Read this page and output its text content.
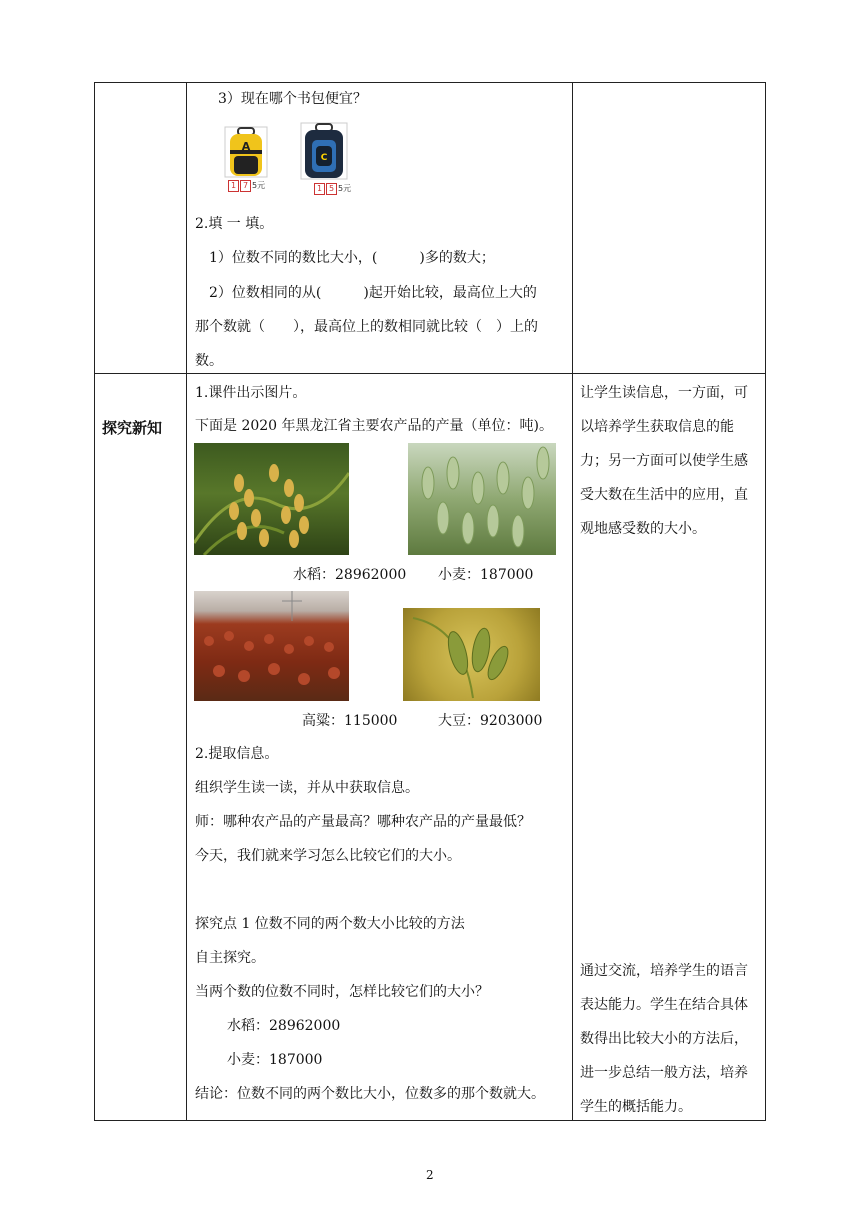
3）现在哪个书包便宜？
A
1 7 5元
C
1 5 5元
2.填 一 填。
1）位数不同的数比大小，(　　　)多的数大；
2）位数相同的从(　　　)起开始比较，最高位上大的
那个数就（　　），最高位上的数相同就比较（　）上的
数。
探究新知
1.课件出示图片。
下面是 2020 年黑龙江省主要农产品的产量（单位：吨)。
水稻：28962000 小麦：187000
高粱：115000	大豆：9203000
2.提取信息。
组织学生读一读，并从中获取信息。
师：哪种农产品的产量最高？哪种农产品的产量最低？
今天，我们就来学习怎么比较它们的大小。
探究点 1 位数不同的两个数大小比较的方法
自主探究。
当两个数的位数不同时，怎样比较它们的大小？
水稻：28962000
小麦：187000
结论：位数不同的两个数比大小，位数多的那个数就大。
让学生读信息，一方面，可
以培养学生获取信息的能
力；另一方面可以使学生感
受大数在生活中的应用，直
观地感受数的大小。
通过交流，培养学生的语言
表达能力。学生在结合具体
数得出比较大小的方法后，
进一步总结一般方法，培养
学生的概括能力。
2
